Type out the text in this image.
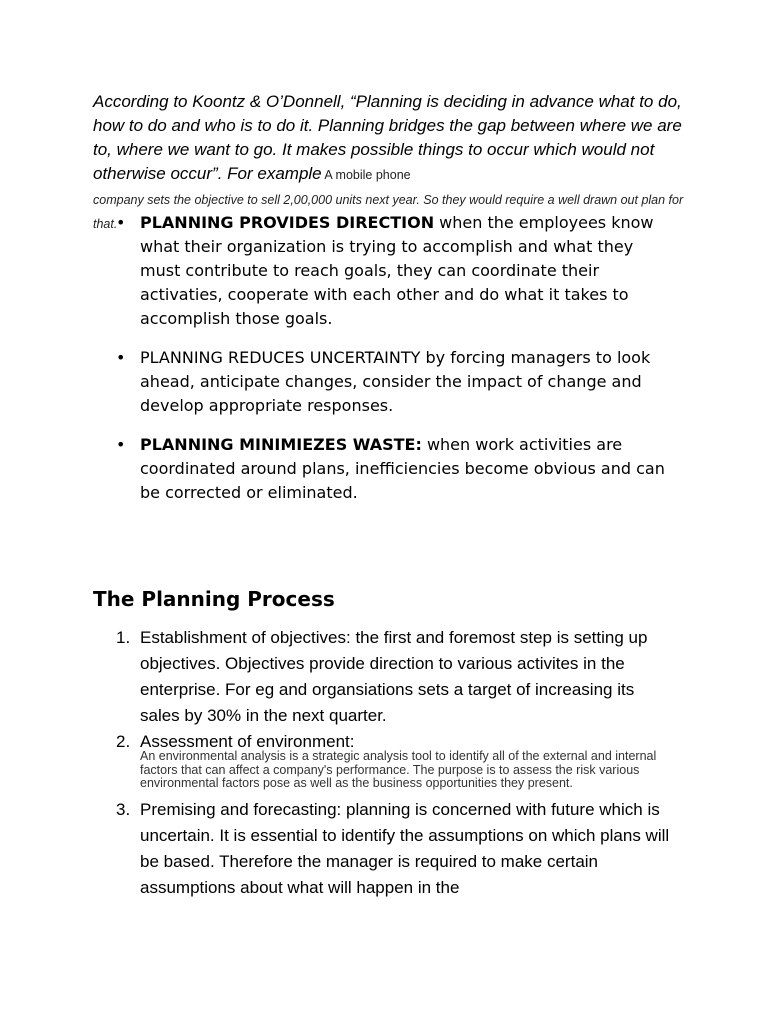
According to Koontz & O’Donnell, “Planning is deciding in advance what to do, how to do and who is to do it. Planning bridges the gap between where we are to, where we want to go. It makes possible things to occur which would not otherwise occur”. For example A mobile phone
company sets the objective to sell 2,00,000 units next year. So they would require a well drawn out plan for that.
• PLANNING PROVIDES DIRECTION when the employees know what their organization is trying to accomplish and what they must contribute to reach goals, they can coordinate their activaties, cooperate with each other and do what it takes to accomplish those goals.
• PLANNING REDUCES UNCERTAINTY by forcing managers to look ahead, anticipate changes, consider the impact of change and develop appropriate responses.
• PLANNING MINIMIEZES WASTE: when work activities are coordinated around plans, inefficiencies become obvious and can be corrected or eliminated.
The Planning Process
1. Establishment of objectives: the first and foremost step is setting up objectives. Objectives provide direction to various activites in the enterprise. For eg and organsiations sets a target of increasing its sales by 30% in the next quarter.
2. Assessment of environment:
An environmental analysis is a strategic analysis tool to identify all of the external and internal factors that can affect a company's performance. The purpose is to assess the risk various environmental factors pose as well as the business opportunities they present.
3. Premising and forecasting: planning is concerned with future which is uncertain. It is essential to identify the assumptions on which plans will be based. Therefore the manager is required to make certain assumptions about what will happen in the
